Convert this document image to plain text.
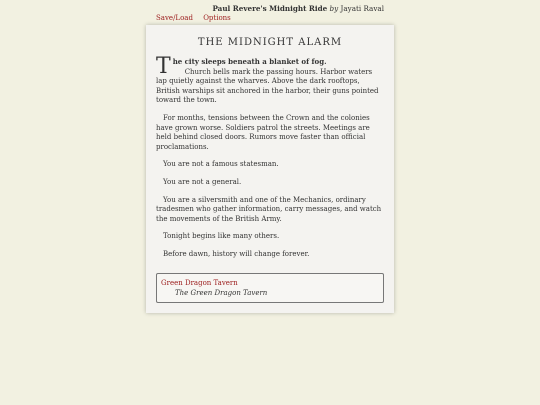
Save/Load Options
Paul Revere's Midnight Ride by Jayati Raval
THE MIDNIGHT ALARM

The city sleeps beneath a blanket of fog.
Church bells mark the passing hours. Harbor waters lap quietly against the wharves. Above the dark rooftops, British warships sit anchored in the harbor, their guns pointed toward the town.

For months, tensions between the Crown and the colonies have grown worse. Soldiers patrol the streets. Meetings are held behind closed doors. Rumors move faster than official proclamations.

You are not a famous statesman.

You are not a general.

You are a silversmith and one of the Mechanics, ordinary tradesmen who gather information, carry messages, and watch the movements of the British Army.

Tonight begins like many others.

Before dawn, history will change forever.

Green Dragon Tavern
The Green Dragon Tavern
